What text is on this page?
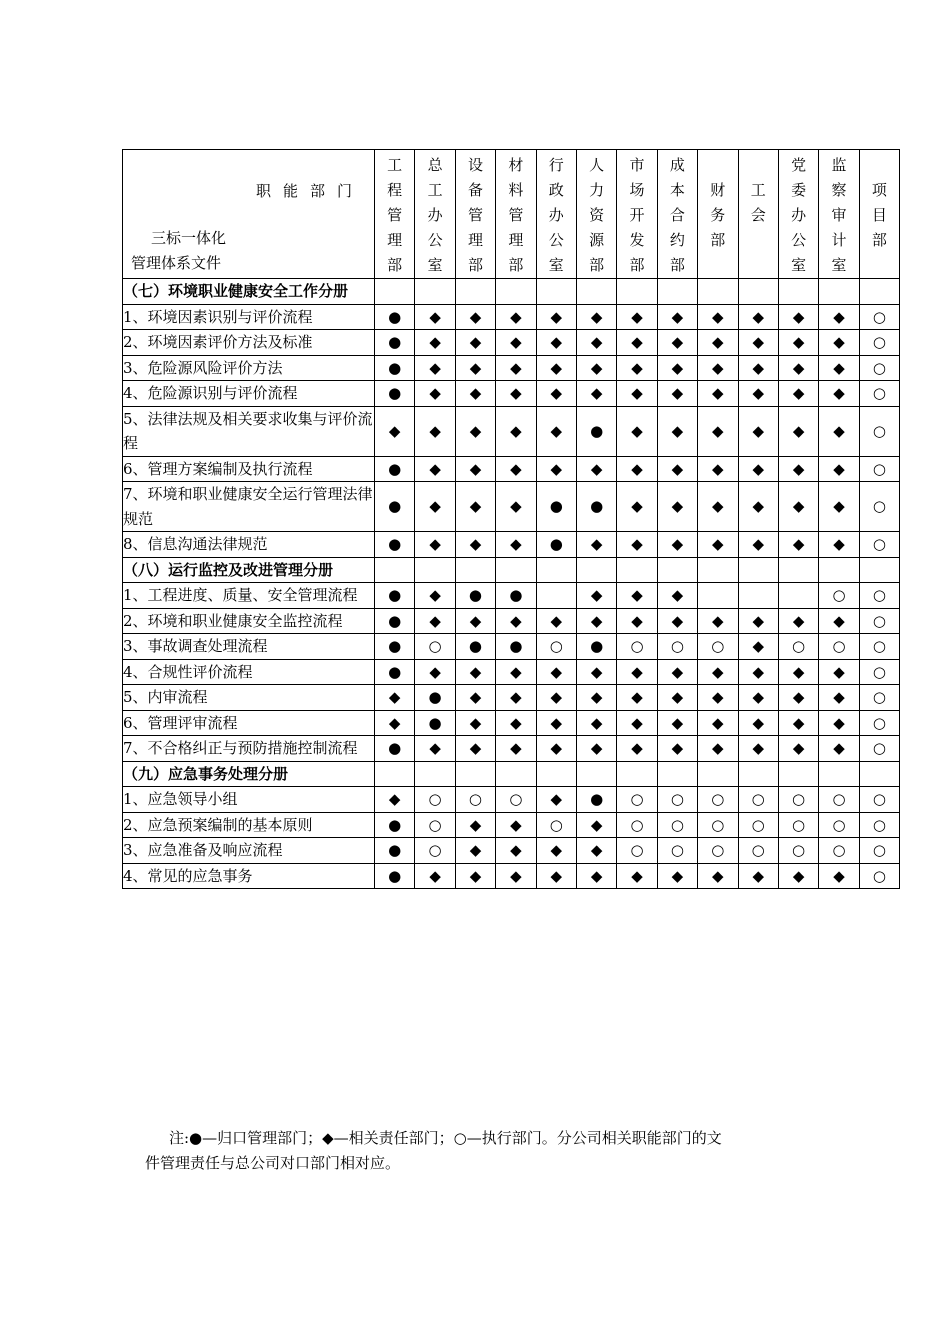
职能部门
三标一体化
管理体系文件	工程管理部	总工办公室	设备管理部	材料管理部	行政办公室	人力资源部	市场开发部	成本合约部	财务部	工会	党委办公室	监察审计室	项目部
（七）环境职业健康安全工作分册													
1、环境因素识别与评价流程	●	◆	◆	◆	◆	◆	◆	◆	◆	◆	◆	◆	○
2、环境因素评价方法及标准	●	◆	◆	◆	◆	◆	◆	◆	◆	◆	◆	◆	○
3、危险源风险评价方法	●	◆	◆	◆	◆	◆	◆	◆	◆	◆	◆	◆	○
4、危险源识别与评价流程	●	◆	◆	◆	◆	◆	◆	◆	◆	◆	◆	◆	○
5、法律法规及相关要求收集与评价流程	◆	◆	◆	◆	◆	●	◆	◆	◆	◆	◆	◆	○
6、管理方案编制及执行流程	●	◆	◆	◆	◆	◆	◆	◆	◆	◆	◆	◆	○
7、环境和职业健康安全运行管理法律规范	●	◆	◆	◆	●	●	◆	◆	◆	◆	◆	◆	○
8、信息沟通法律规范	●	◆	◆	◆	●	◆	◆	◆	◆	◆	◆	◆	○
（八）运行监控及改进管理分册													
1、工程进度、质量、安全管理流程	●	◆	●	●		◆	◆	◆				○	○
2、环境和职业健康安全监控流程	●	◆	◆	◆	◆	◆	◆	◆	◆	◆	◆	◆	○
3、事故调查处理流程	●	○	●	●	○	●	○	○	○	◆	○	○	○
4、合规性评价流程	●	◆	◆	◆	◆	◆	◆	◆	◆	◆	◆	◆	○
5、内审流程	◆	●	◆	◆	◆	◆	◆	◆	◆	◆	◆	◆	○
6、管理评审流程	◆	●	◆	◆	◆	◆	◆	◆	◆	◆	◆	◆	○
7、不合格纠正与预防措施控制流程	●	◆	◆	◆	◆	◆	◆	◆	◆	◆	◆	◆	○
（九）应急事务处理分册													
1、应急领导小组	◆	○	○	○	◆	●	○	○	○	○	○	○	○
2、应急预案编制的基本原则	●	○	◆	◆	○	◆	○	○	○	○	○	○	○
3、应急准备及响应流程	●	○	◆	◆	◆	◆	○	○	○	○	○	○	○
4、常见的应急事务	●	◆	◆	◆	◆	◆	◆	◆	◆	◆	◆	◆	○

注:●—归口管理部门；◆—相关责任部门；○—执行部门。分公司相关职能部门的文

件管理责任与总公司对口部门相对应。
